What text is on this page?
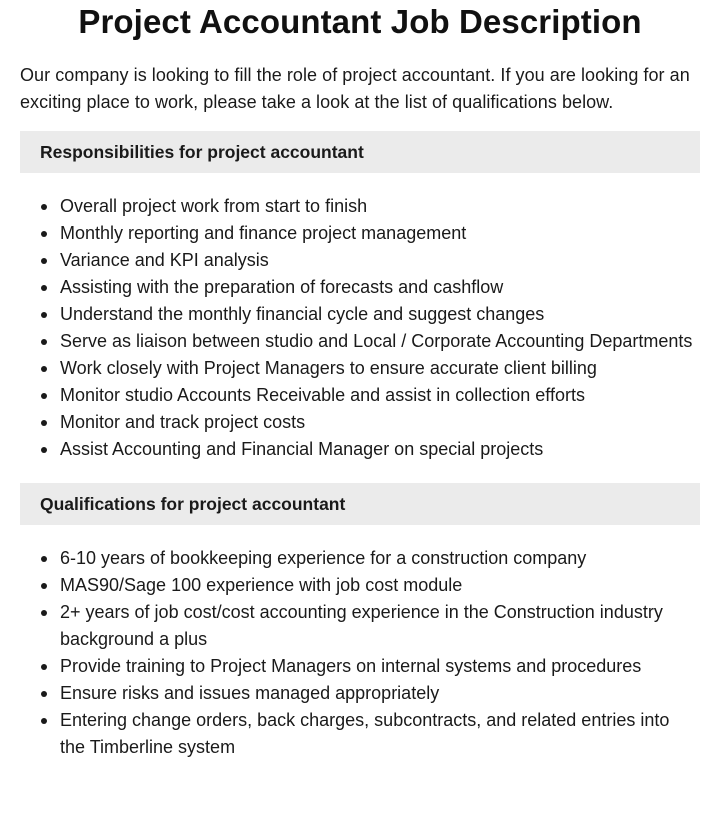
Project Accountant Job Description

Our company is looking to fill the role of project accountant. If you are looking for an exciting place to work, please take a look at the list of qualifications below.

Responsibilities for project accountant
Overall project work from start to finish
Monthly reporting and finance project management
Variance and KPI analysis
Assisting with the preparation of forecasts and cashflow
Understand the monthly financial cycle and suggest changes
Serve as liaison between studio and Local / Corporate Accounting Departments
Work closely with Project Managers to ensure accurate client billing
Monitor studio Accounts Receivable and assist in collection efforts
Monitor and track project costs
Assist Accounting and Financial Manager on special projects
Qualifications for project accountant
6-10 years of bookkeeping experience for a construction company
MAS90/Sage 100 experience with job cost module
2+ years of job cost/cost accounting experience in the Construction industry background a plus
Provide training to Project Managers on internal systems and procedures
Ensure risks and issues managed appropriately
Entering change orders, back charges, subcontracts, and related entries into the Timberline system
